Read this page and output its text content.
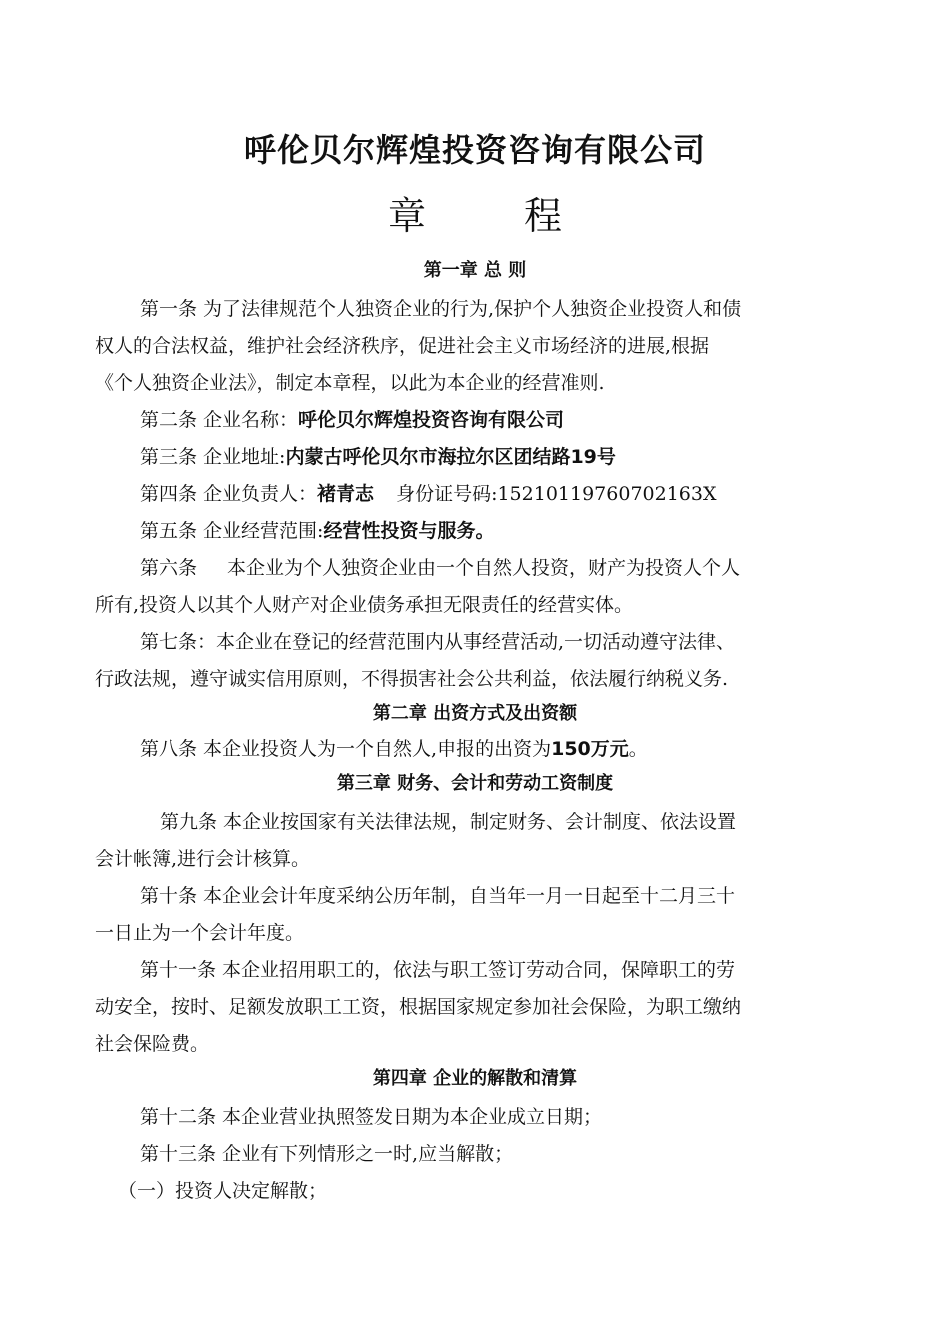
呼伦贝尔辉煌投资咨询有限公司
章　程
第一章 总 则
第一条 为了法律规范个人独资企业的行为,保护个人独资企业投资人和债
权人的合法权益，维护社会经济秩序，促进社会主义市场经济的进展,根据
《个人独资企业法》，制定本章程，以此为本企业的经营准则.
第二条 企业名称：呼伦贝尔辉煌投资咨询有限公司
第三条 企业地址:内蒙古呼伦贝尔市海拉尔区团结路19号
第四条 企业负责人：褚青志 身份证号码:15210119760702163X
第五条 企业经营范围:经营性投资与服务。
第六条 本企业为个人独资企业由一个自然人投资，财产为投资人个人
所有,投资人以其个人财产对企业债务承担无限责任的经营实体。
第七条：本企业在登记的经营范围内从事经营活动,一切活动遵守法律、
行政法规，遵守诚实信用原则，不得损害社会公共利益，依法履行纳税义务.
第二章 出资方式及出资额
第八条 本企业投资人为一个自然人,申报的出资为150万元。
第三章 财务、会计和劳动工资制度
第九条 本企业按国家有关法律法规，制定财务、会计制度、依法设置
会计帐簿,进行会计核算。
第十条 本企业会计年度采纳公历年制，自当年一月一日起至十二月三十
一日止为一个会计年度。
第十一条 本企业招用职工的，依法与职工签订劳动合同，保障职工的劳
动安全，按时、足额发放职工工资，根据国家规定参加社会保险，为职工缴纳
社会保险费。
第四章 企业的解散和清算
第十二条 本企业营业执照签发日期为本企业成立日期；
第十三条 企业有下列情形之一时,应当解散；
（一）投资人决定解散；
